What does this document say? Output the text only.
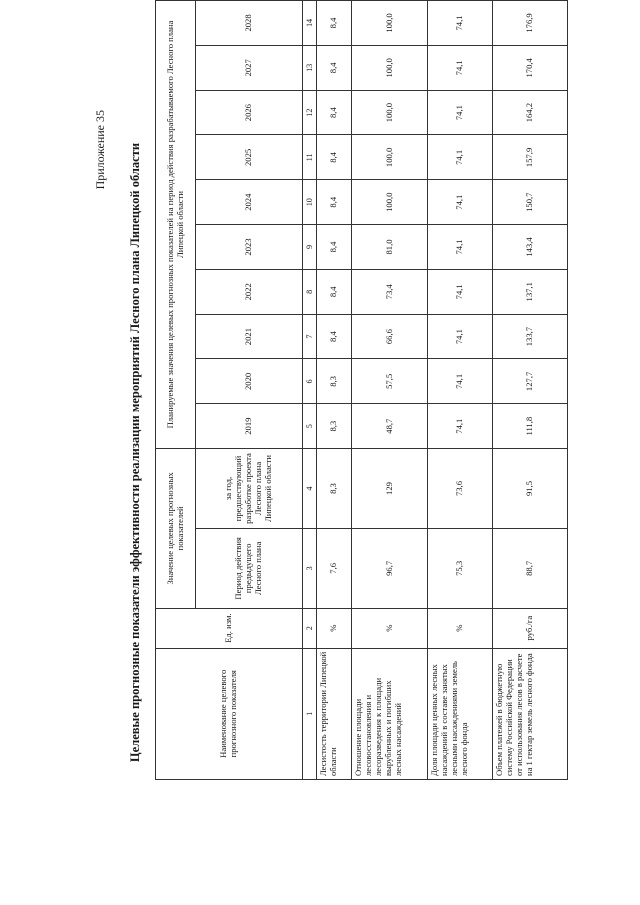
Приложение 35 Целевые прогнозные показатели эффективности реализации мероприятий Лесного плана Липецкой области	Наименование целевого прогнозного показателя	Ед. изм.	Значение целевых прогнозных показателей		Планируемые значения целевых прогнозных показателей на период действия разрабатываемого Лесного плана Липецкой области									
		Период действия предыдущего Лесного плана	за год, предшествующий разработке проекта Лесного плана Липецкой области	2019	2020	2021	2022	2023	2024	2025	2026	2027	2028
1	2	3	4	5	6	7	8	9	10	11	12	13	14
Лесистость территории Липецкой области	%	7,6	8,3	8,3	8,3	8,4	8,4	8,4	8,4	8,4	8,4	8,4	8,4
Отношение площади лесовосстановления и лесоразведения к площади вырубленных и погибших лесных насаждений	%	96,7	129	48,7	57,5	66,6	73,4	81,0	100,0	100,0	100,0	100,0	100,0
Доля площади ценных лесных насаждений в составе занятых лесными насаждениями земель лесного фонда	%	75,3	73,6	74,1	74,1	74,1	74,1	74,1	74,1	74,1	74,1	74,1	74,1
Объем платежей в бюджетную систему Российской Федерации от использования лесов в расчете на 1 гектар земель лесного фонда	руб./га	88,7	91,5	111,8	127,7	133,7	137,1	143,4	150,7	157,9	164,2	170,4	176,9
